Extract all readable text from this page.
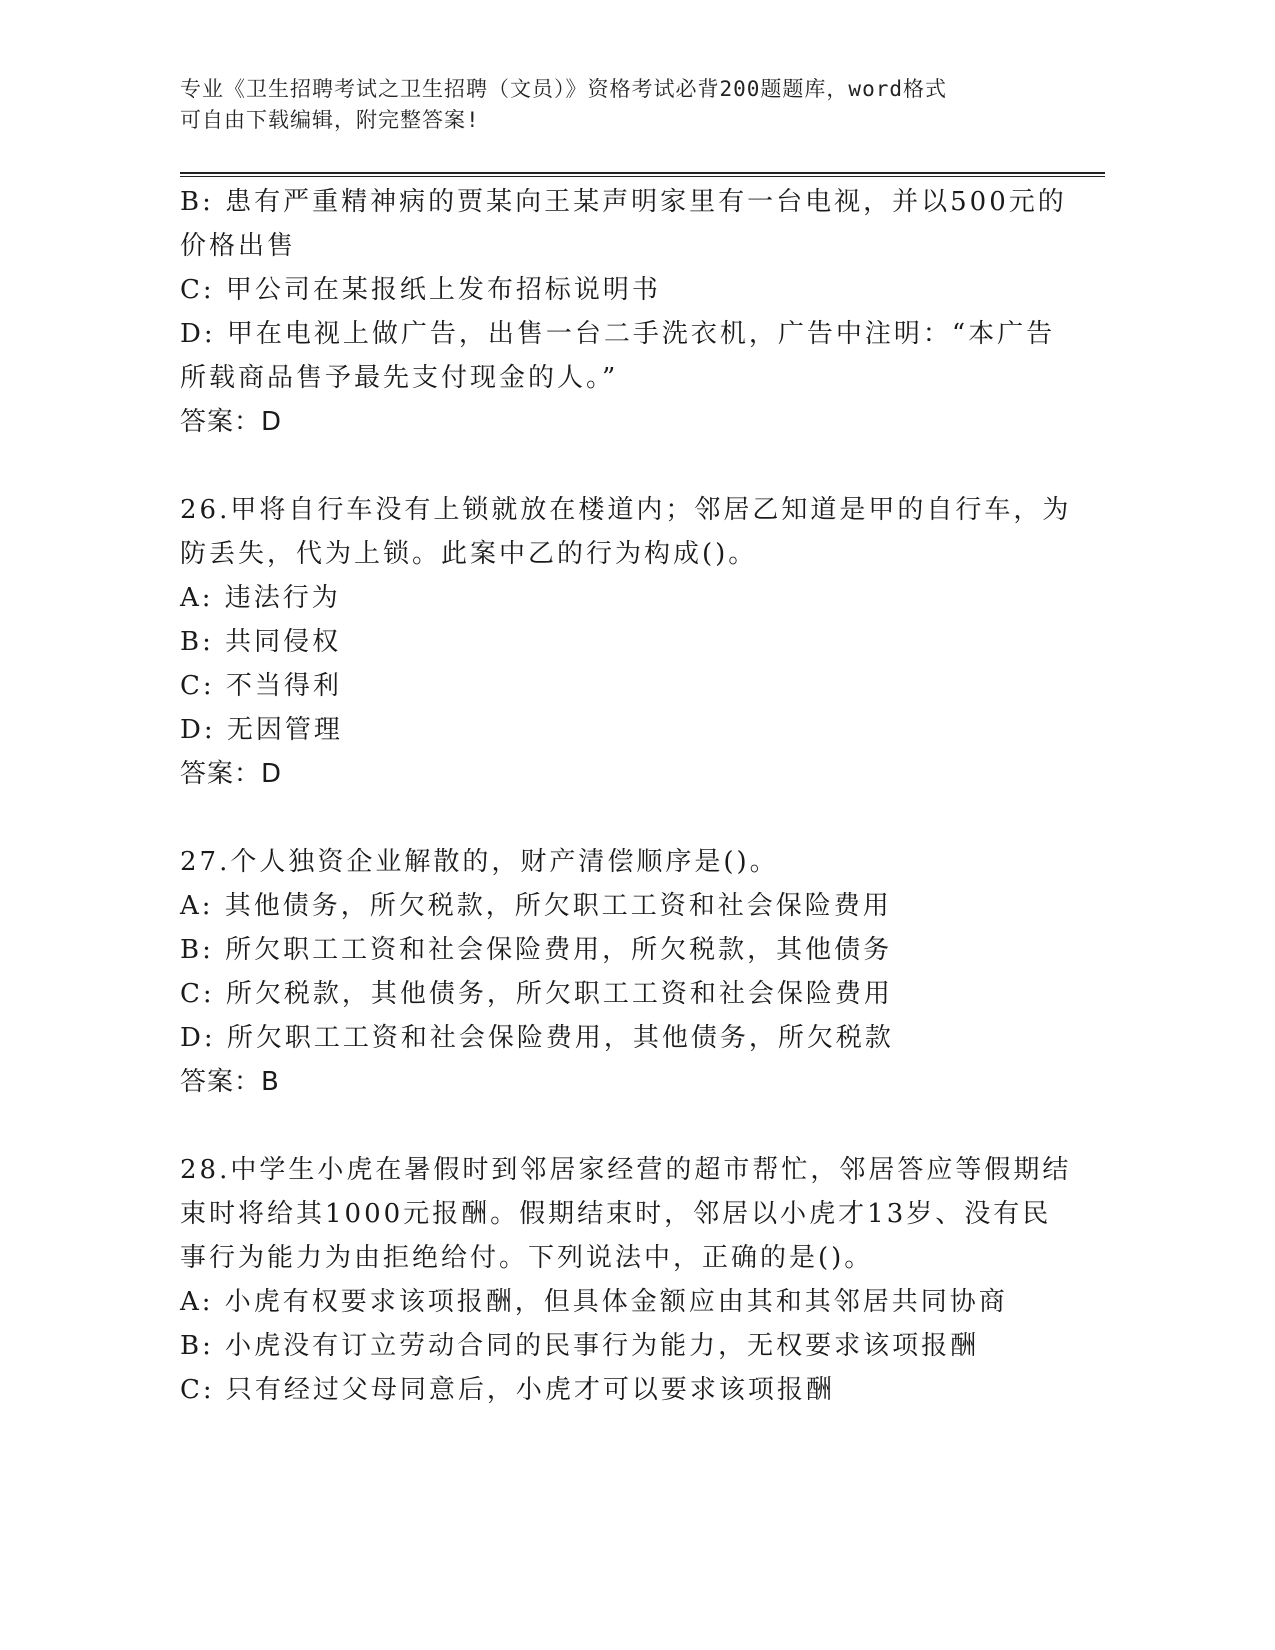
专业《卫生招聘考试之卫生招聘（文员）》资格考试必背200题题库，word格式
可自由下载编辑，附完整答案!
B: 患有严重精神病的贾某向王某声明家里有一台电视，并以500元的
价格出售
C: 甲公司在某报纸上发布招标说明书
D: 甲在电视上做广告，出售一台二手洗衣机，广告中注明：“本广告
所载商品售予最先支付现金的人。”
答案：D
26.甲将自行车没有上锁就放在楼道内；邻居乙知道是甲的自行车，为
防丢失，代为上锁。此案中乙的行为构成()。
A: 违法行为
B: 共同侵权
C: 不当得利
D: 无因管理
答案：D
27.个人独资企业解散的，财产清偿顺序是()。
A: 其他债务，所欠税款，所欠职工工资和社会保险费用
B: 所欠职工工资和社会保险费用，所欠税款，其他债务
C: 所欠税款，其他债务，所欠职工工资和社会保险费用
D: 所欠职工工资和社会保险费用，其他债务，所欠税款
答案：B
28.中学生小虎在暑假时到邻居家经营的超市帮忙，邻居答应等假期结
束时将给其1000元报酬。假期结束时，邻居以小虎才13岁、没有民
事行为能力为由拒绝给付。下列说法中，正确的是()。
A: 小虎有权要求该项报酬，但具体金额应由其和其邻居共同协商
B: 小虎没有订立劳动合同的民事行为能力，无权要求该项报酬
C: 只有经过父母同意后，小虎才可以要求该项报酬
